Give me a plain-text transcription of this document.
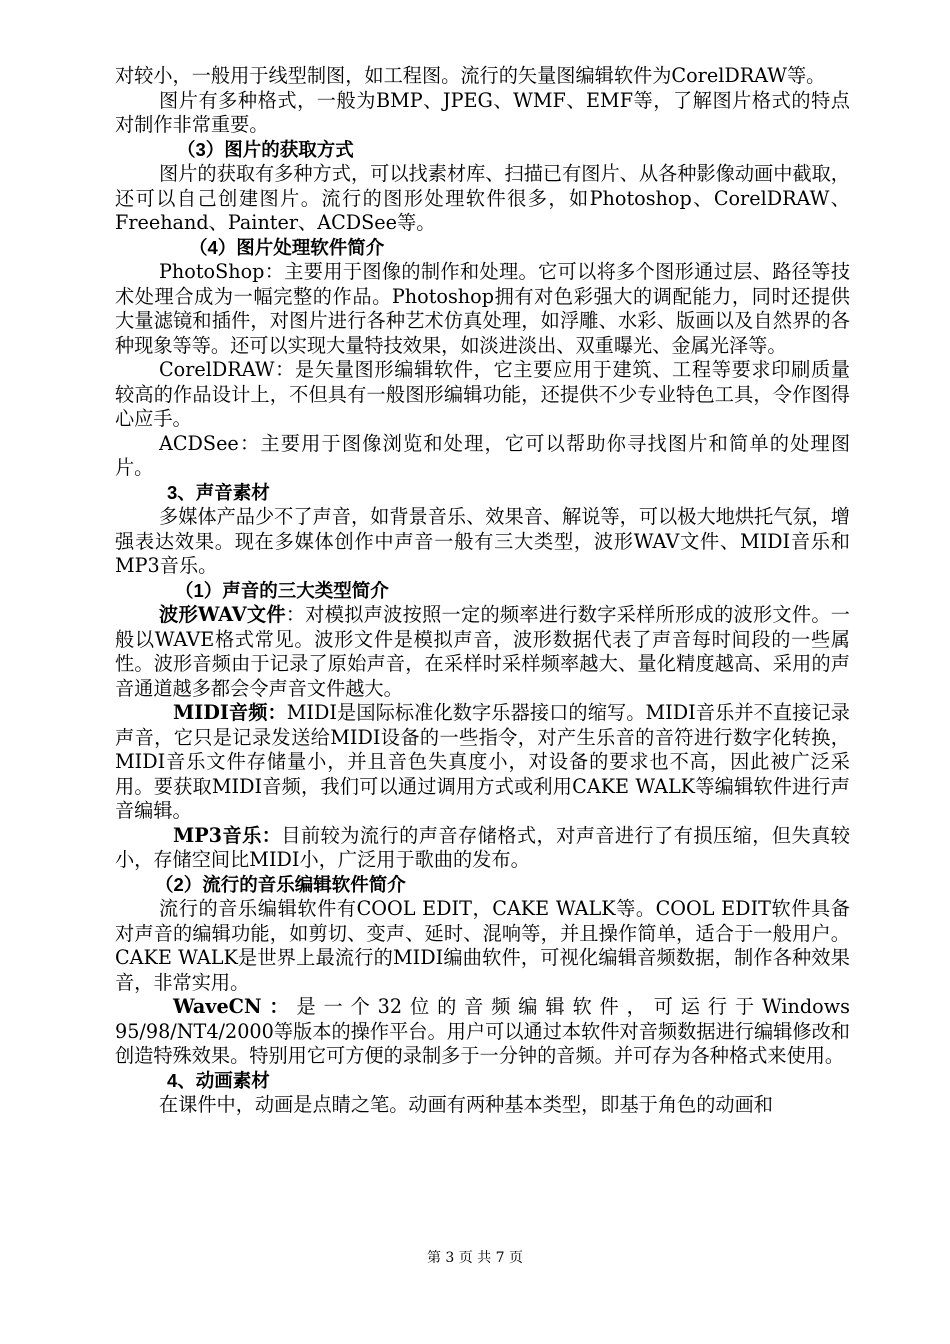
对较小，一般用于线型制图，如工程图。流行的矢量图编辑软件为CorelDRAW等。

图片有多种格式，一般为BMP、JPEG、WMF、EMF等，了解图片格式的特点对制作非常重要。

（3）图片的获取方式

图片的获取有多种方式，可以找素材库、扫描已有图片、从各种影像动画中截取，还可以自己创建图片。流行的图形处理软件很多，如Photoshop、CorelDRAW、Freehand、Painter、ACDSee等。

（4）图片处理软件简介

PhotoShop：主要用于图像的制作和处理。它可以将多个图形通过层、路径等技术处理合成为一幅完整的作品。Photoshop拥有对色彩强大的调配能力，同时还提供大量滤镜和插件，对图片进行各种艺术仿真处理，如浮雕、水彩、版画以及自然界的各种现象等等。还可以实现大量特技效果，如淡进淡出、双重曝光、金属光泽等。

CorelDRAW：是矢量图形编辑软件，它主要应用于建筑、工程等要求印刷质量较高的作品设计上，不但具有一般图形编辑功能，还提供不少专业特色工具，令作图得心应手。

ACDSee：主要用于图像浏览和处理，它可以帮助你寻找图片和简单的处理图片。

3、声音素材

多媒体产品少不了声音，如背景音乐、效果音、解说等，可以极大地烘托气氛，增强表达效果。现在多媒体创作中声音一般有三大类型，波形WAV文件、MIDI音乐和MP3音乐。

（1）声音的三大类型简介

波形WAV文件：对模拟声波按照一定的频率进行数字采样所形成的波形文件。一般以WAVE格式常见。波形文件是模拟声音，波形数据代表了声音每时间段的一些属性。波形音频由于记录了原始声音，在采样时采样频率越大、量化精度越高、采用的声音通道越多都会令声音文件越大。

MIDI音频：MIDI是国际标准化数字乐器接口的缩写。MIDI音乐并不直接记录声音，它只是记录发送给MIDI设备的一些指令，对产生乐音的音符进行数字化转换，MIDI音乐文件存储量小，并且音色失真度小，对设备的要求也不高，因此被广泛采用。要获取MIDI音频，我们可以通过调用方式或利用CAKE WALK等编辑软件进行声音编辑。

MP3音乐：目前较为流行的声音存储格式，对声音进行了有损压缩，但失真较小，存储空间比MIDI小，广泛用于歌曲的发布。

（2）流行的音乐编辑软件简介

流行的音乐编辑软件有COOL EDIT，CAKE WALK等。COOL EDIT软件具备对声音的编辑功能，如剪切、变声、延时、混响等，并且操作简单，适合于一般用户。CAKE WALK是世界上最流行的MIDI编曲软件，可视化编辑音频数据，制作各种效果音，非常实用。

WaveCN：是一个32位的音频编辑软件，可运行于Windows 95/98/NT4/2000等版本的操作平台。用户可以通过本软件对音频数据进行编辑修改和创造特殊效果。特别用它可方便的录制多于一分钟的音频。并可存为各种格式来使用。

4、动画素材

在课件中，动画是点睛之笔。动画有两种基本类型，即基于角色的动画和

第 3 页 共 7 页
